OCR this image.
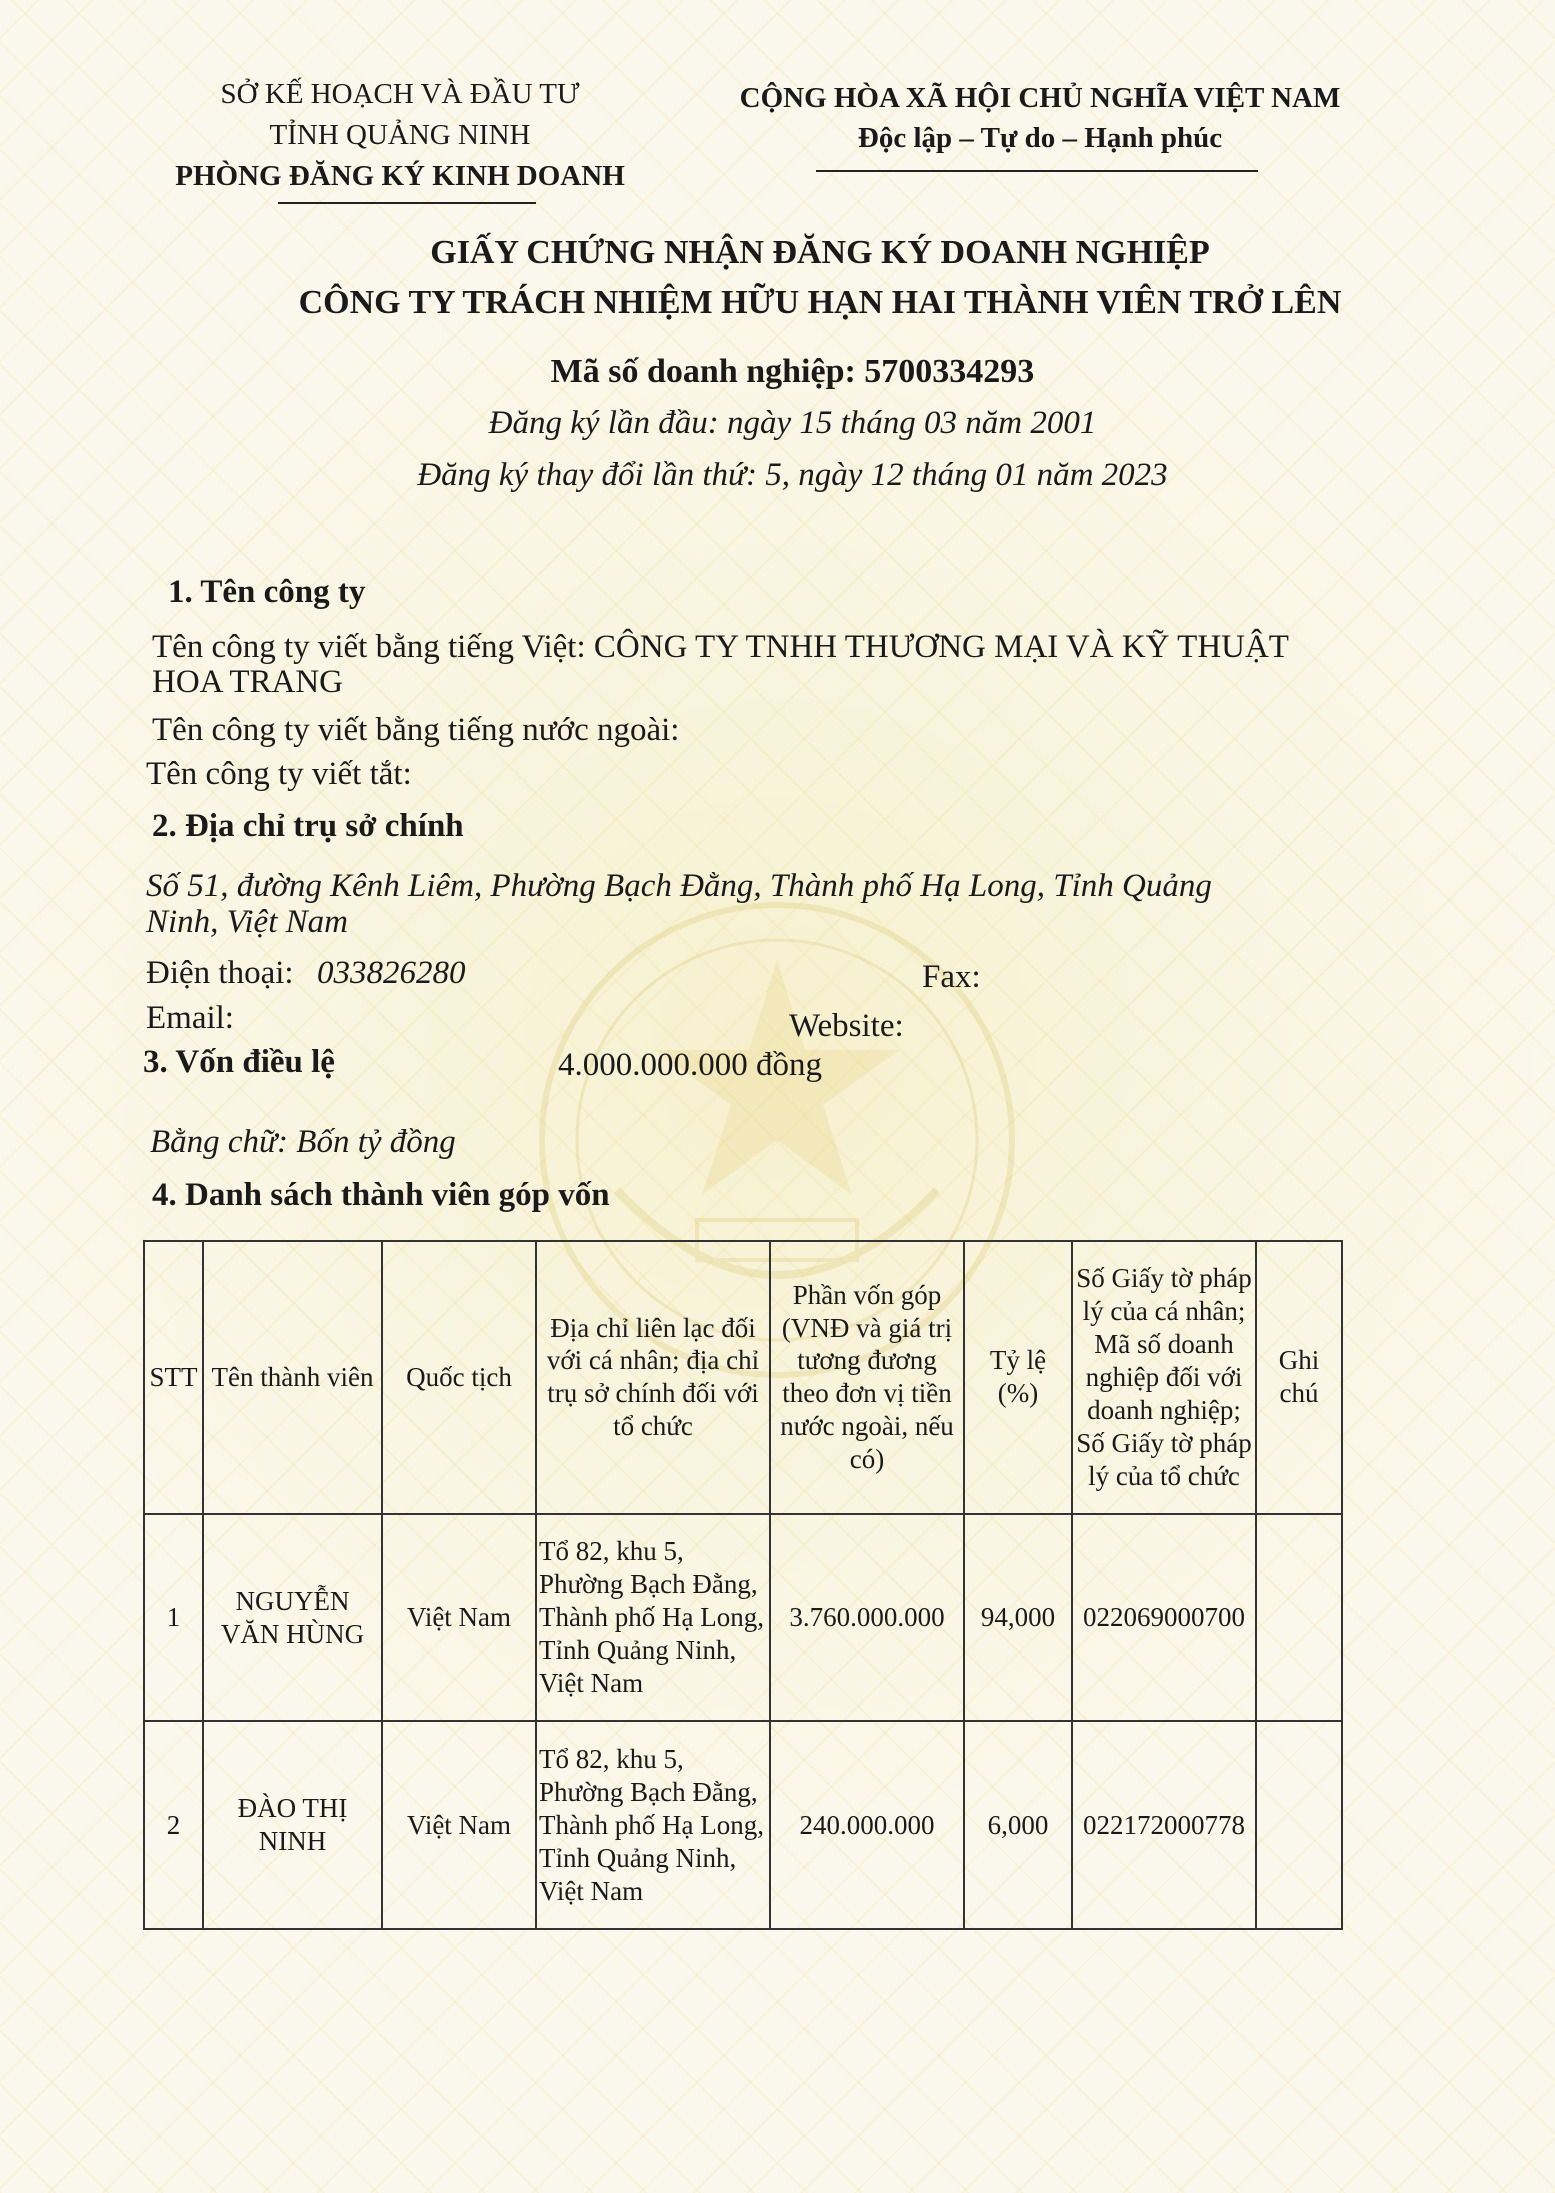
SỞ KẾ HOẠCH VÀ ĐẦU TƯ
TỈNH QUẢNG NINH
PHÒNG ĐĂNG KÝ KINH DOANH
CỘNG HÒA XÃ HỘI CHỦ NGHĨA VIỆT NAM
Độc lập – Tự do – Hạnh phúc
GIẤY CHỨNG NHẬN ĐĂNG KÝ DOANH NGHIỆP
CÔNG TY TRÁCH NHIỆM HỮU HẠN HAI THÀNH VIÊN TRỞ LÊN
Mã số doanh nghiệp: 5700334293
Đăng ký lần đầu: ngày 15 tháng 03 năm 2001
Đăng ký thay đổi lần thứ: 5, ngày 12 tháng 01 năm 2023
1. Tên công ty
Tên công ty viết bằng tiếng Việt: CÔNG TY TNHH THƯƠNG MẠI VÀ KỸ THUẬT
HOA TRANG
Tên công ty viết bằng tiếng nước ngoài:
Tên công ty viết tắt:
2. Địa chỉ trụ sở chính
Số 51, đường Kênh Liêm, Phường Bạch Đằng, Thành phố Hạ Long, Tỉnh Quảng
Ninh, Việt Nam
Điện thoại: 033826280	Fax:
Email:	Website:
3. Vốn điều lệ	4.000.000.000 đồng
Bằng chữ: Bốn tỷ đồng
4. Danh sách thành viên góp vốn
STT	Tên thành viên	Quốc tịch	Địa chỉ liên lạc đối với cá nhân; địa chỉ trụ sở chính đối với tổ chức	Phần vốn góp (VNĐ và giá trị tương đương theo đơn vị tiền nước ngoài, nếu có)	Tỷ lệ (%)	Số Giấy tờ pháp lý của cá nhân; Mã số doanh nghiệp đối với doanh nghiệp; Số Giấy tờ pháp lý của tổ chức	Ghi chú
1	NGUYỄN VĂN HÙNG	Việt Nam	Tổ 82, khu 5, Phường Bạch Đằng, Thành phố Hạ Long, Tỉnh Quảng Ninh, Việt Nam	3.760.000.000	94,000	022069000700	
2	ĐÀO THỊ NINH	Việt Nam	Tổ 82, khu 5, Phường Bạch Đằng, Thành phố Hạ Long, Tỉnh Quảng Ninh, Việt Nam	240.000.000	6,000	022172000778	
